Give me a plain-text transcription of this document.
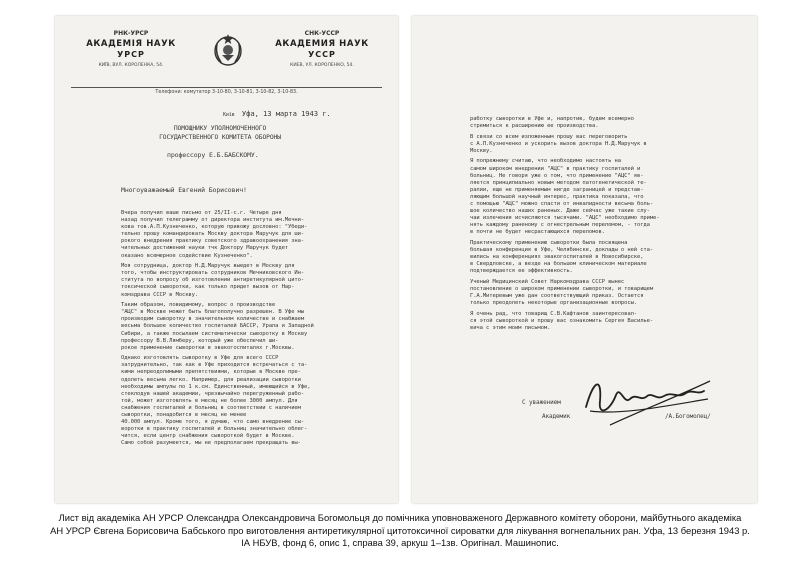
РНК-УРСР
АКАДЕМІЯ НАУК
УРСР
КИЇВ, ВУЛ. КОРОЛЕНКА, 54.
СНК-УССР
АКАДЕМИЯ НАУК
УССР
КИЕВ, УЛ. КОРОЛЕНКО, 54.
Телефони: комутатор 3-10-80, 3-10-81, 3-10-82, 3-10-83.
Київ Уфа, 13 марта 194З г.
ПОМОЩНИКУ УПОЛНОМОЧЕННОГО
ГОСУДАРСТВЕННОГО КОМИТЕТА ОБОРОНЫ
профессору Е.Б.БАБСКОМУ.
Многоуважаемый Евгений Борисович!
Вчера получил ваше письмо от 25/II-с.г. Четыре дня
назад получил телеграмму от директора института им.Мечни-
кова тов.А.П.Кузнеченко, которую привожу дословно: "Убеди-
тельно прошу командировать Москву доктора Маручук для ши-
рокого внедрения практику советского здравоохранения зна-
чительных достижений науки тчк Доктору Маручук будет
оказано всемерное содействие Кузнеченко".
Моя сотрудница, доктор Н.Д.Маручук выедет в Москву для
того, чтобы инструктировать сотрудников Мечниковского Ин-
ститута по вопросу об изготовлении антиретикулярной цито-
токсической сыворотки, как только придет вызов от Нар-
комздрава СССР в Москву.
Таким образом, повидимому, вопрос о производстве
"АЦС" в Москве может быть благополучно разрешен. В Уфе мы
производим сыворотку в значительном количестве и снабжаем
весьма большое количество госпиталей БАССР, Урала и Западной
Сибири, а также посылаем систематически сыворотку в Москву
профессору В.В.Лямберу, который уже обеспечил ши-
рокое применение сыворотки в эвакогоспиталях г.Москвы.
Однако изготовлять сыворотку в Уфе для всего СССР
затруднительно, так как в Уфе приходится встречаться с та-
кими непреодолимыми препятствиями, которые в Москве пре-
одолеть весьма легко. Например, для реализации сыворотки
необходимы ампулы по 1 к.см. Единственный, имеющийся в Уфе,
стеклодув нашей академии, чрезвычайно перегруженный рабо-
той, может изготовлять в месяц не более 3000 ампул. Для
снабжения госпиталей и больниц в соответствии с наличием
сыворотки, понадобится в месяц не менее
40.000 ампул. Кроме того, я думаю, что само внедрение сы-
воротки в практику госпиталей и больниц значительно облег-
чится, если центр снабжения сывороткой будет в Москве.
Само собой разумеется, мы не предполагаем прекращать вы-
работку сыворотки в Уфе и, напротив, будем всемерно
стремиться к расширению ее производства.
В связи со всем изложенным прошу вас переговорить
с А.П.Кузнеченко и ускорить вызов доктора Н.Д.Маручук в
Москву.
Я попрежнему считаю, что необходимо настоять на
самом широком внедрении "АЦС" в практику госпиталей и
больниц. Не говоря уже о том, что применение "АЦС" яв-
ляется принципиально новым методом патогенетической те-
рапии, еще не применяемым нигде заграницей и представ-
ляющим большой научный интерес, практика показала, что
с помощью "АЦС" можно спасти от инвалидности весьма боль-
шое количество наших раненых. Даже сейчас уже такие слу-
чаи излечения исчисляются тысячами. "АЦС" необходимо приме-
нять каждому раненому с огнестрельным переломом, - тогда
в почти не будет несрастающихся переломов.
Практическому применению сыворотки была посвящена
большая конференция в Уфе, Челябинске, доклады о ней ста-
вились на конференциях эвакогоспиталей в Новосибирске,
в Свердловске, а везде на большом клиническом материале
подтверждается ее эффективность.
Ученый Медицинский Совет Наркомздрава СССР вынес
постановление о широком применении сыворотки, и товарищем
Г.А.Митеревым уже дан соответствующий приказ. Остается
только преодолеть некоторые организационные вопросы.
Я очень рад, что товарищ С.В.Кафтанов заинтересовал-
ся этой сывороткой и прошу вас ознакомить Сергея Василье-
вича с этим моим письмом.
С уважением
Академик	/А.Богомолец/
Лист від академіка АН УРСР Олександра Олександровича Богомольця до помічника уповноваженого Державного комітету оборони, майбутнього академіка
АН УРСР Євгена Борисовича Бабського про виготовлення антиретикулярної цитотоксичної сироватки для лікування вогнепальних ран. Уфа, 13 березня 1943 р.
ІА НБУВ, фонд 6, опис 1, справа 39, аркуш 1–1зв. Оригінал. Машинопис.
